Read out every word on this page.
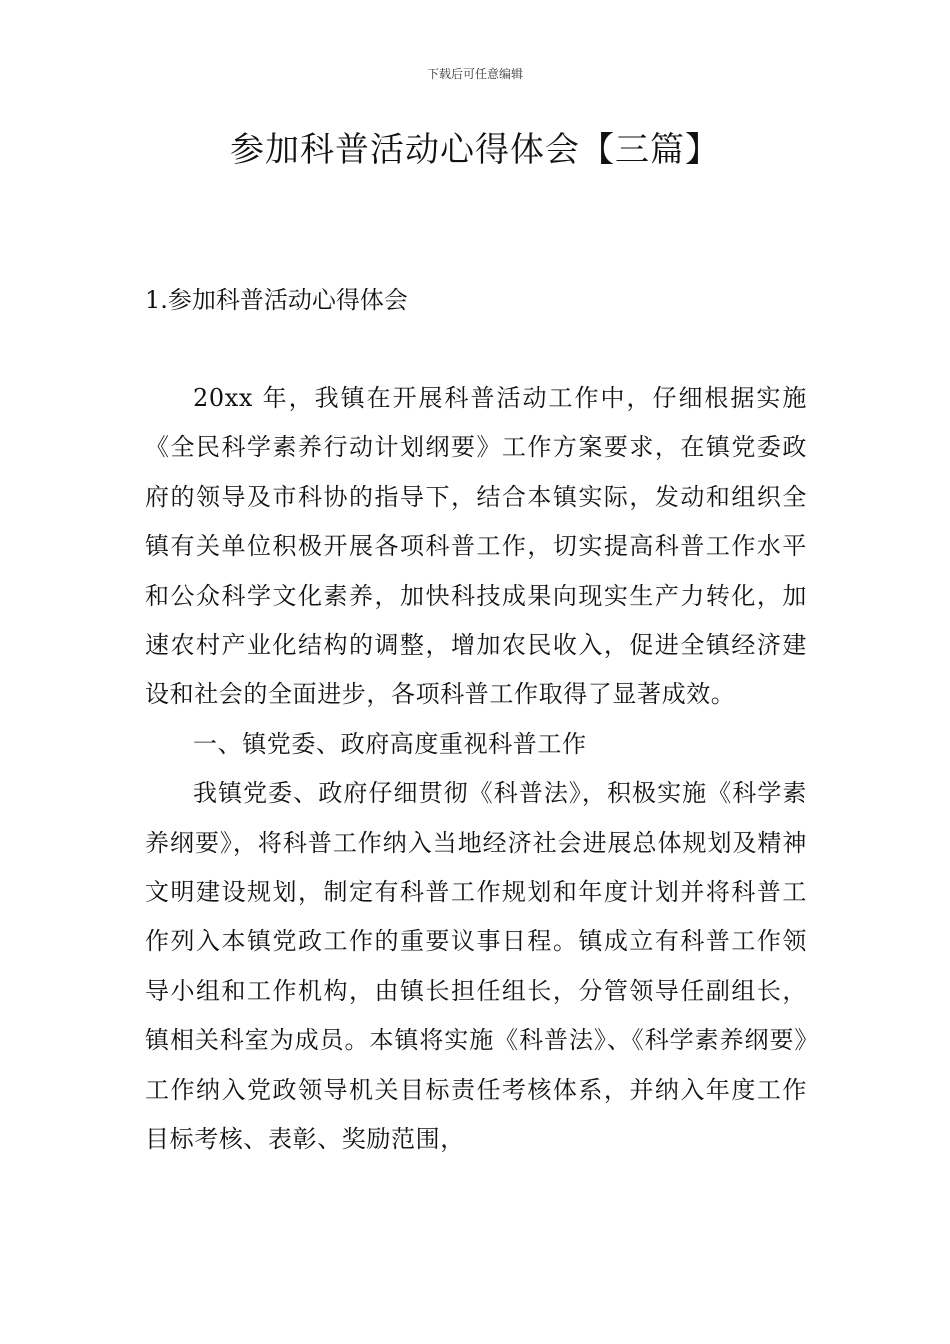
下载后可任意编辑
参加科普活动心得体会【三篇】
1.参加科普活动心得体会

20xx 年，我镇在开展科普活动工作中，仔细根据实施《全民科学素养行动计划纲要》工作方案要求，在镇党委政府的领导及市科协的指导下，结合本镇实际，发动和组织全镇有关单位积极开展各项科普工作，切实提高科普工作水平和公众科学文化素养，加快科技成果向现实生产力转化，加速农村产业化结构的调整，增加农民收入，促进全镇经济建设和社会的全面进步，各项科普工作取得了显著成效。

一、镇党委、政府高度重视科普工作

我镇党委、政府仔细贯彻《科普法》，积极实施《科学素养纲要》，将科普工作纳入当地经济社会进展总体规划及精神文明建设规划，制定有科普工作规划和年度计划并将科普工作列入本镇党政工作的重要议事日程。镇成立有科普工作领导小组和工作机构，由镇长担任组长，分管领导任副组长，镇相关科室为成员。本镇将实施《科普法》、《科学素养纲要》工作纳入党政领导机关目标责任考核体系，并纳入年度工作目标考核、表彰、奖励范围，
